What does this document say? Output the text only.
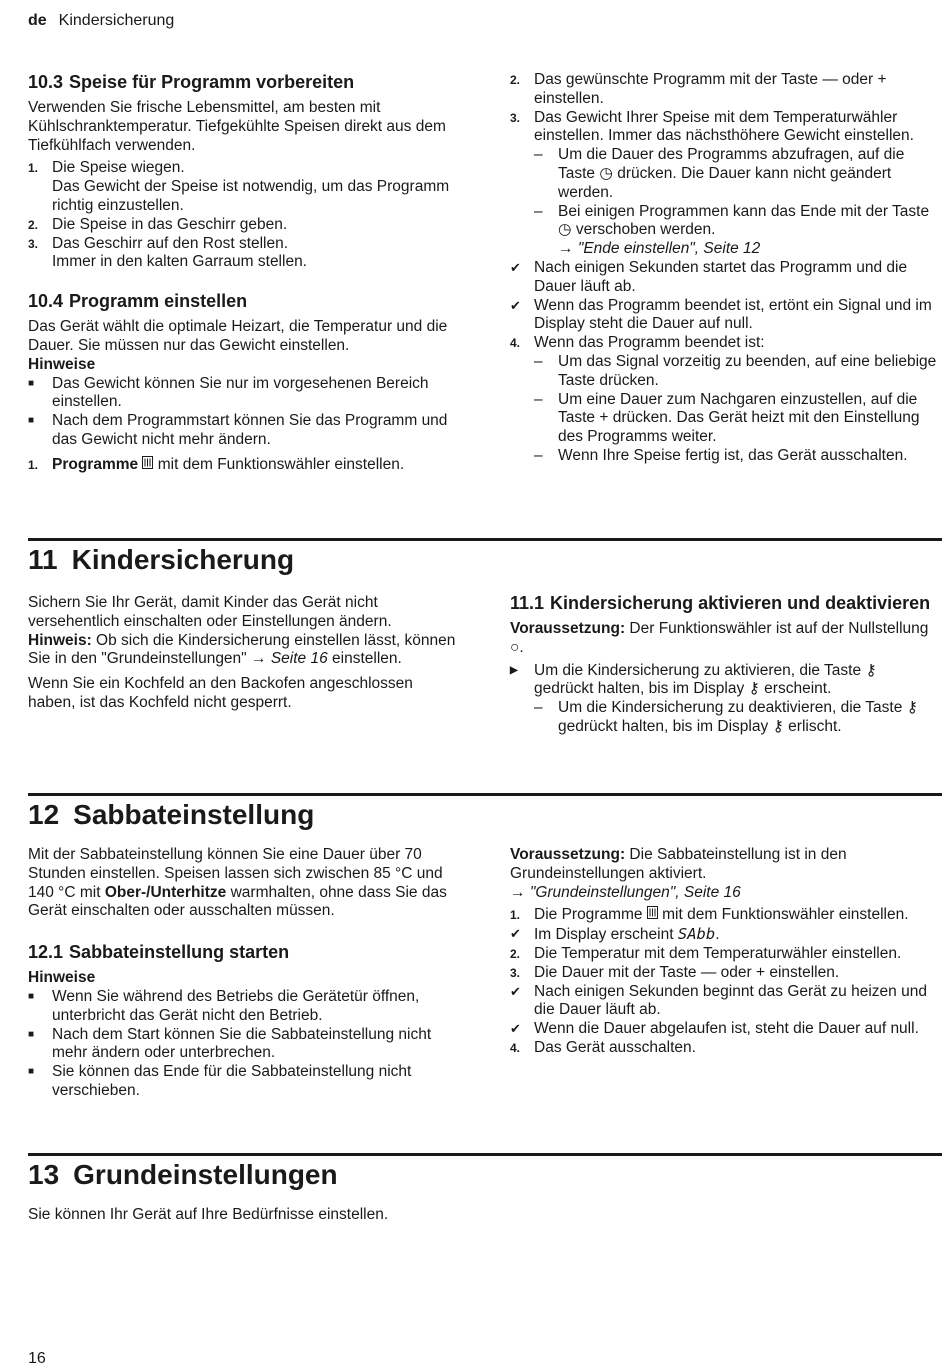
de Kindersicherung
10.3 Speise für Programm vorbereiten

Verwenden Sie frische Lebensmittel, am besten mit Kühlschranktemperatur. Tiefgekühlte Speisen direkt aus dem Tiefkühlfach verwenden.

1. Die Speise wiegen.
Das Gewicht der Speise ist notwendig, um das Programm richtig einzustellen.
2. Die Speise in das Geschirr geben.
3. Das Geschirr auf den Rost stellen.
Immer in den kalten Garraum stellen.
10.4 Programm einstellen

Das Gerät wählt die optimale Heizart, die Temperatur und die Dauer. Sie müssen nur das Gewicht einstellen.

Hinweise

■	Das Gewicht können Sie nur im vorgesehenen Bereich einstellen.
■	Nach dem Programmstart können Sie das Programm und das Gewicht nicht mehr ändern.
1. Programme  mit dem Funktionswähler einstellen.
2. Das gewünschte Programm mit der Taste — oder + einstellen.
3. Das Gewicht Ihrer Speise mit dem Temperaturwähler einstellen. Immer das nächsthöhere Gewicht einstellen.
– Um die Dauer des Programms abzufragen, auf die Taste ◷ drücken. Die Dauer kann nicht geändert werden.
– Bei einigen Programmen kann das Ende mit der Taste ◷ verschoben werden.
→ "Ende einstellen", Seite 12
✔ Nach einigen Sekunden startet das Programm und die Dauer läuft ab.
✔ Wenn das Programm beendet ist, ertönt ein Signal und im Display steht die Dauer auf null.
4. Wenn das Programm beendet ist:
– Um das Signal vorzeitig zu beenden, auf eine beliebige Taste drücken.
– Um eine Dauer zum Nachgaren einzustellen, auf die Taste + drücken. Das Gerät heizt mit den Einstellung des Programms weiter.
– Wenn Ihre Speise fertig ist, das Gerät ausschalten.
11 Kindersicherung

Sichern Sie Ihr Gerät, damit Kinder das Gerät nicht versehentlich einschalten oder Einstellungen ändern.

Hinweis: Ob sich die Kindersicherung einstellen lässt, können Sie in den "Grundeinstellungen" → Seite 16 einstellen.

Wenn Sie ein Kochfeld an den Backofen angeschlossen haben, ist das Kochfeld nicht gesperrt.

11.1 Kindersicherung aktivieren und deaktivieren

Voraussetzung: Der Funktionswähler ist auf der Nullstellung ○.

▶	Um die Kindersicherung zu aktivieren, die Taste ⚷
gedrückt halten, bis im Display ⚷ erscheint.
– Um die Kindersicherung zu deaktivieren, die Taste ⚷ gedrückt halten, bis im Display ⚷ erlischt.
12 Sabbateinstellung

Mit der Sabbateinstellung können Sie eine Dauer über 70 Stunden einstellen. Speisen lassen sich zwischen 85 °C und 140 °C mit Ober-/Unterhitze warmhalten, ohne dass Sie das Gerät einschalten oder ausschalten müssen.

12.1 Sabbateinstellung starten

Hinweise

■	Wenn Sie während des Betriebs die Gerätetür öffnen, unterbricht das Gerät nicht den Betrieb.
■	Nach dem Start können Sie die Sabbateinstellung nicht mehr ändern oder unterbrechen.
■	Sie können das Ende für die Sabbateinstellung nicht verschieben.

Voraussetzung: Die Sabbateinstellung ist in den Grundeinstellungen aktiviert.

→ "Grundeinstellungen", Seite 16

1. Die Programme  mit dem Funktionswähler einstellen.
✔ Im Display erscheint SAbb.
2. Die Temperatur mit dem Temperaturwähler einstellen.
3. Die Dauer mit der Taste — oder + einstellen.
✔ Nach einigen Sekunden beginnt das Gerät zu heizen und die Dauer läuft ab.
✔ Wenn die Dauer abgelaufen ist, steht die Dauer auf null.
4. Das Gerät ausschalten.
13 Grundeinstellungen

Sie können Ihr Gerät auf Ihre Bedürfnisse einstellen.

16
